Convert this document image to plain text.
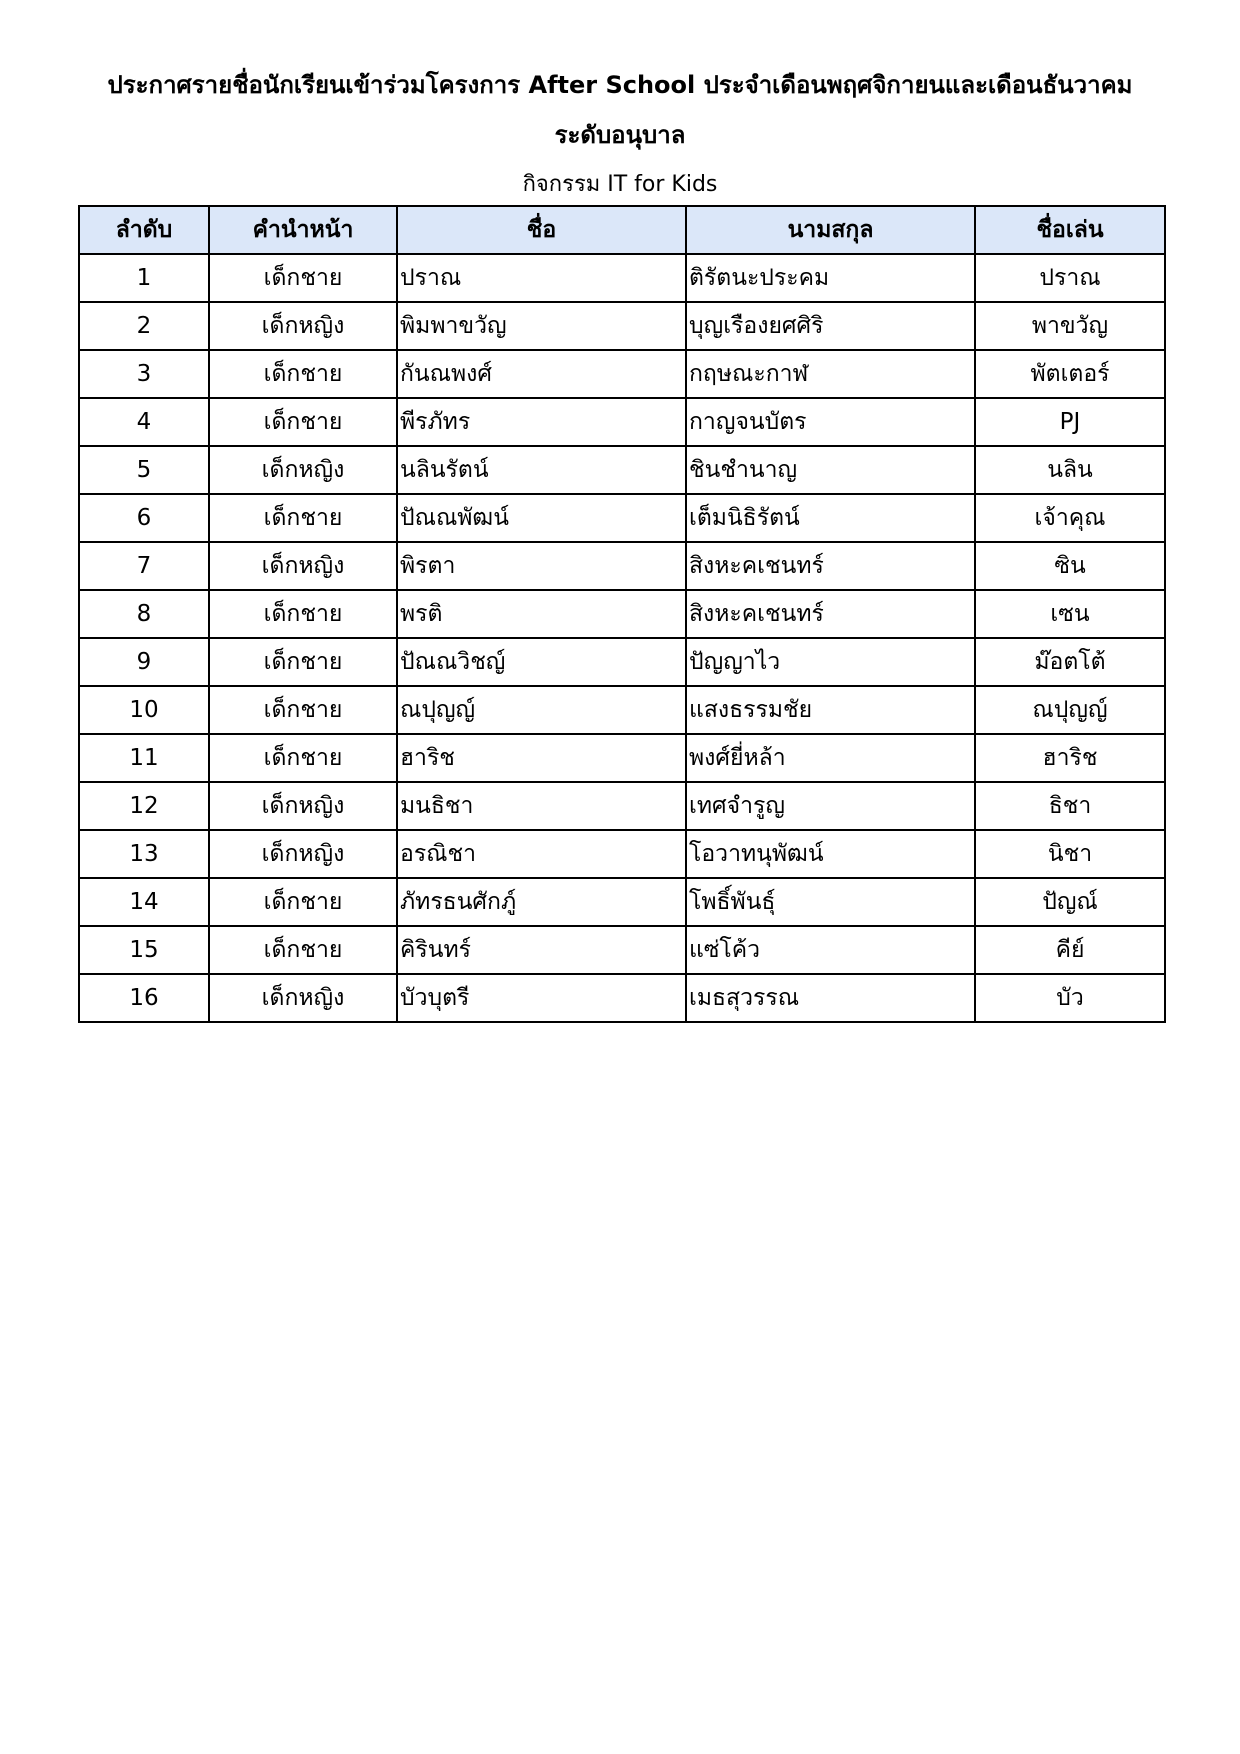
ประกาศรายชื่อนักเรียนเข้าร่วมโครงการ After School ประจำเดือนพฤศจิกายนและเดือนธันวาคม
ระดับอนุบาล
กิจกรรม IT for Kids
ลำดับ	คำนำหน้า	ชื่อ	นามสกุล	ชื่อเล่น
1	เด็กชาย	ปราณ	ติรัตนะประคม	ปราณ
2	เด็กหญิง	พิมพาขวัญ	บุญเรืองยศศิริ	พาขวัญ
3	เด็กชาย	กันณพงศ์	กฤษณะกาฬ	พัตเตอร์
4	เด็กชาย	พีรภัทร	กาญจนบัตร	PJ
5	เด็กหญิง	นลินรัตน์	ชินชำนาญ	นลิน
6	เด็กชาย	ปัณณพัฒน์	เต็มนิธิรัตน์	เจ้าคุณ
7	เด็กหญิง	พิรตา	สิงหะคเชนทร์	ซิน
8	เด็กชาย	พรติ	สิงหะคเชนทร์	เซน
9	เด็กชาย	ปัณณวิชญ์	ปัญญาไว	ม๊อตโต้
10	เด็กชาย	ณปุญญ์	แสงธรรมชัย	ณปุญญ์
11	เด็กชาย	ฮาริช	พงศ์ยี่หล้า	ฮาริช
12	เด็กหญิง	มนธิชา	เทศจำรูญ	ธิชา
13	เด็กหญิง	อรณิชา	โอวาทนุพัฒน์	นิชา
14	เด็กชาย	ภัทรธนศักภู์	โพธิ์พันธุ์	ปัญณ์
15	เด็กชาย	คิรินทร์	แซ่โค้ว	คีย์
16	เด็กหญิง	บัวบุตรี	เมธสุวรรณ	บัว
